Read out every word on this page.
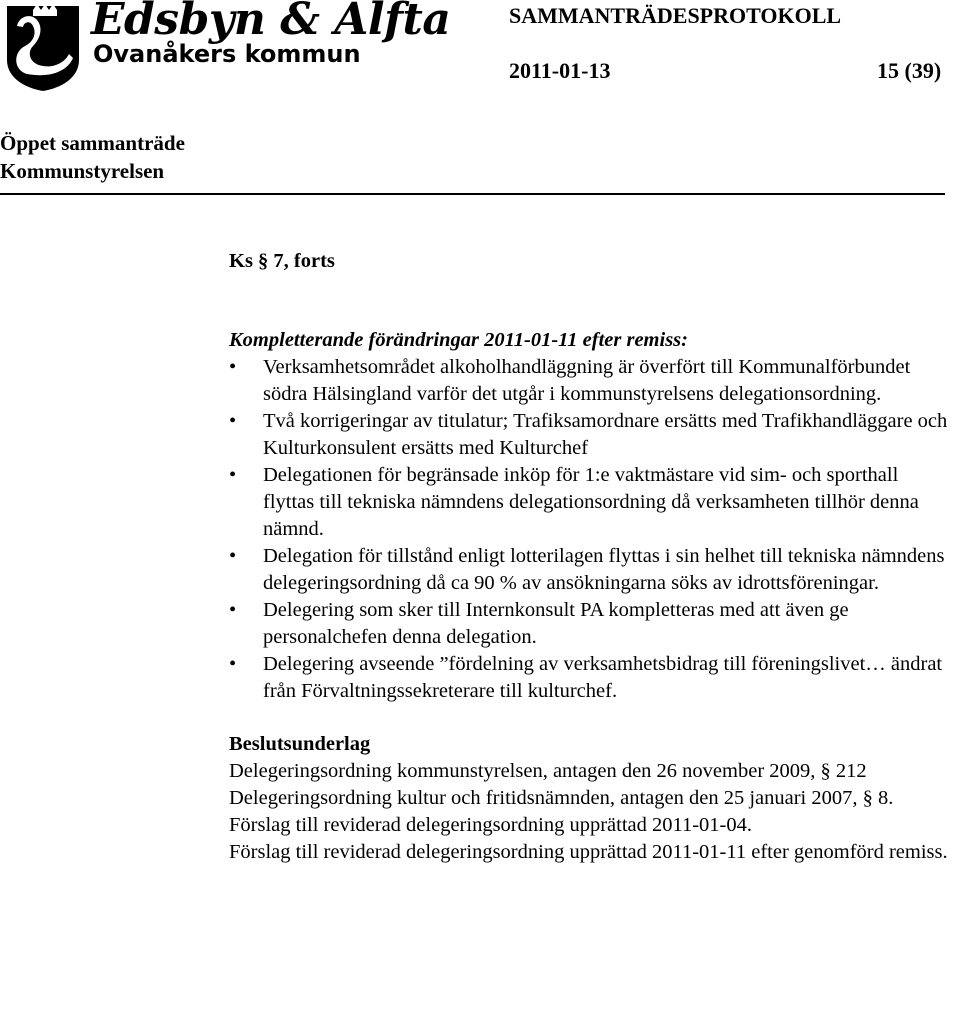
Edsbyn & Alfta
Ovanåkers kommun
SAMMANTRÄDESPROTOKOLL
2011-01-13	15 (39)
Öppet sammanträde
Kommunstyrelsen

Ks § 7, forts

Kompletterande förändringar 2011-01-11 efter remiss:

• Verksamhetsområdet alkoholhandläggning är överfört till Kommunalförbundet södra Hälsingland varför det utgår i kommunstyrelsens delegationsordning.
• Två korrigeringar av titulatur; Trafiksamordnare ersätts med Trafikhandläggare och Kulturkonsulent ersätts med Kulturchef
• Delegationen för begränsade inköp för 1:e vaktmästare vid sim- och sporthall flyttas till tekniska nämndens delegationsordning då verksamheten tillhör denna nämnd.
• Delegation för tillstånd enligt lotterilagen flyttas i sin helhet till tekniska nämndens delegeringsordning då ca 90 % av ansökningarna söks av idrottsföreningar.
• Delegering som sker till Internkonsult PA kompletteras med att även ge personalchefen denna delegation.
• Delegering avseende ”fördelning av verksamhetsbidrag till föreningslivet… ändrat från Förvaltningssekreterare till kulturchef.

Beslutsunderlag

Delegeringsordning kommunstyrelsen, antagen den 26 november 2009, § 212

Delegeringsordning kultur och fritidsnämnden, antagen den 25 januari 2007, § 8.

Förslag till reviderad delegeringsordning upprättad 2011-01-04.

Förslag till reviderad delegeringsordning upprättad 2011-01-11 efter genomförd remiss.
